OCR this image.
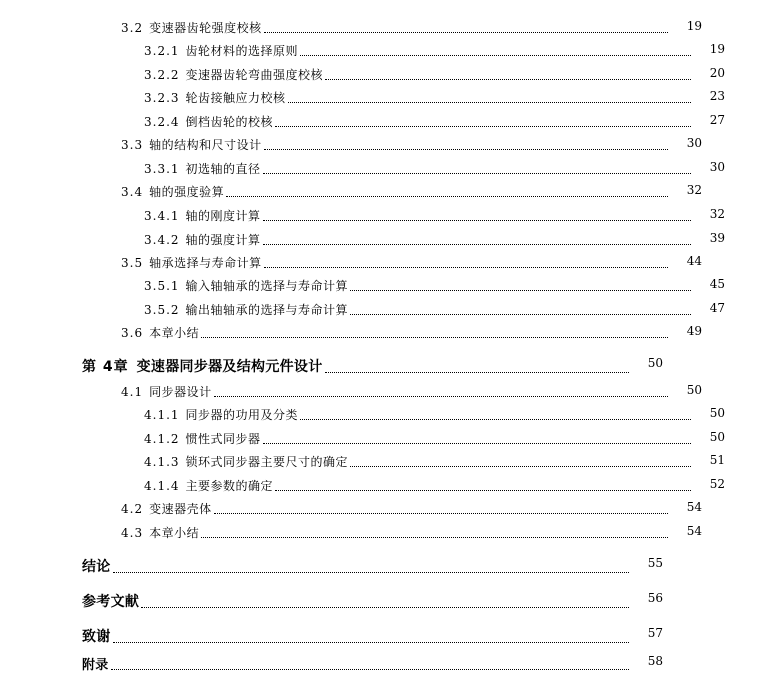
3.2 变速器齿轮强度校核	19
3.2.1 齿轮材料的选择原则	19
3.2.2 变速器齿轮弯曲强度校核	20
3.2.3 轮齿接触应力校核	23
3.2.4 倒档齿轮的校核	27
3.3 轴的结构和尺寸设计	30
3.3.1 初选轴的直径	30
3.4 轴的强度验算	32
3.4.1 轴的刚度计算	32
3.4.2 轴的强度计算	39
3.5 轴承选择与寿命计算	44
3.5.1 输入轴轴承的选择与寿命计算	45
3.5.2 输出轴轴承的选择与寿命计算	47
3.6 本章小结	49
第 4章 变速器同步器及结构元件设计	50
4.1 同步器设计	50
4.1.1 同步器的功用及分类	50
4.1.2 惯性式同步器	50
4.1.3 锁环式同步器主要尺寸的确定	51
4.1.4 主要参数的确定	52
4.2 变速器壳体	54
4.3 本章小结	54
结论	55
参考文献	56
致谢	57
附录	58
